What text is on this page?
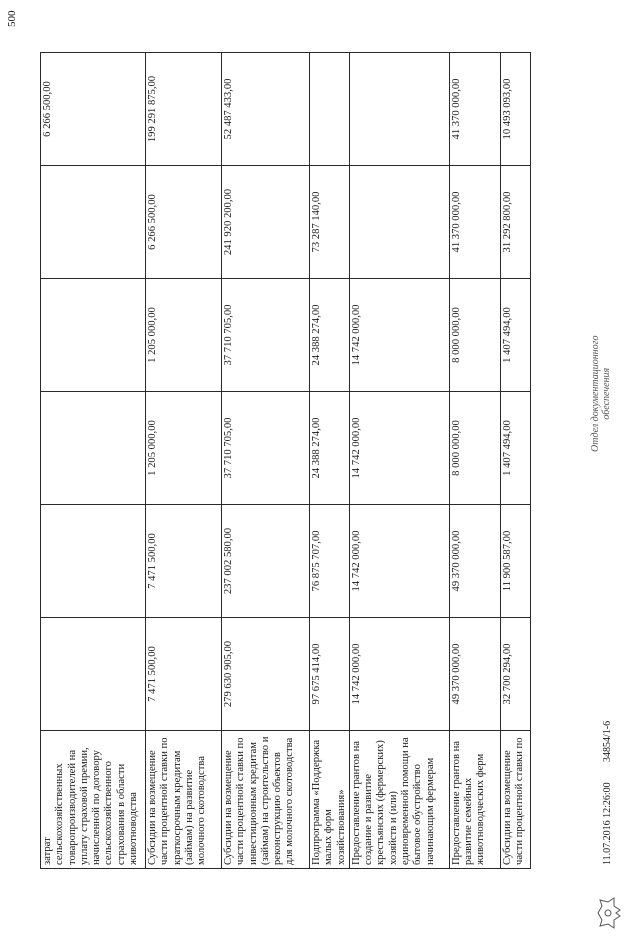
500
затрат сельскохозяйственных товаропроизводителей на уплату страховой премии, начисленной по договору сельскохозяйственного страхования в области животноводства						6 266 500,00
Субсидии на возмещение части процентной ставки по краткосрочным кредитам (займам) на развитие молочного скотоводства	7 471 500,00	7 471 500,00	1 205 000,00	1 205 000,00	6 266 500,00	199 291 875,00
Субсидии на возмещение части процентной ставки по инвестиционным кредитам (займам) на строительство и реконструкцию объектов для молочного скотоводства	279 630 905,00	237 002 580,00	37 710 705,00	37 710 705,00	241 920 200,00	52 487 433,00
Подпрограмма «Поддержка малых форм хозяйствования»	97 675 414,00	76 875 707,00	24 388 274,00	24 388 274,00	73 287 140,00	
Предоставление грантов на создание и развитие крестьянских (фермерских) хозяйств и (или) единовременной помощи на бытовое обустройство начинающим фермерам	14 742 000,00	14 742 000,00	14 742 000,00	14 742 000,00		
Предоставление грантов на развитие семейных животноводческих ферм	49 370 000,00	49 370 000,00	8 000 000,00	8 000 000,00	41 370 000,00	41 370 000,00
Субсидии на возмещение части процентной ставки по	32 700 294,00	11 900 587,00	1 407 494,00	1 407 494,00	31 292 800,00	10 493 093,00
11.07.2016 12:26:00
34854/1-6
Отдел документационного обеспечения
